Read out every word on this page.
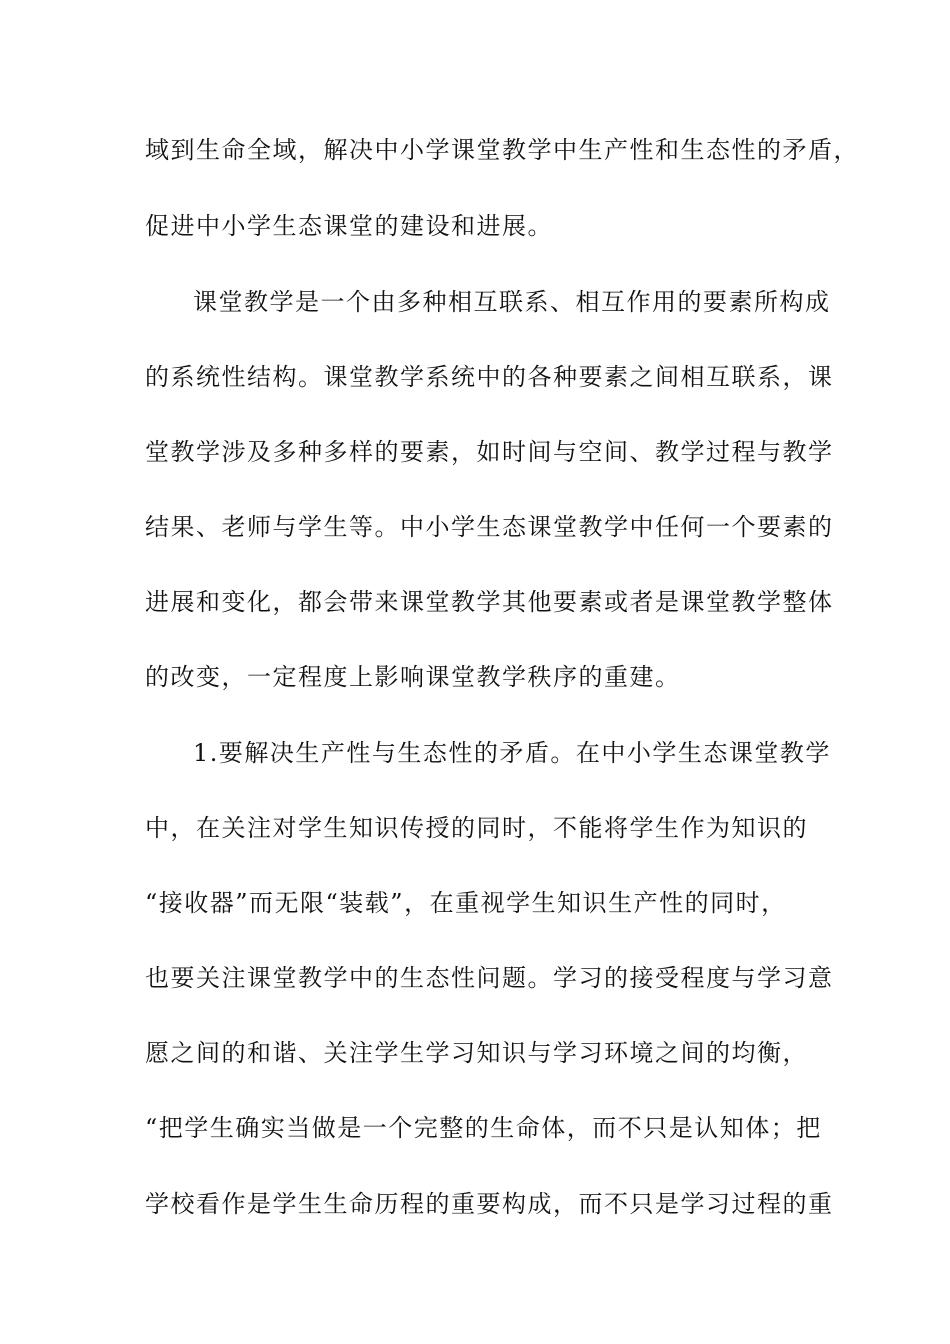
域到生命全域，解决中小学课堂教学中生产性和生态性的矛盾，
促进中小学生态课堂的建设和进展。
课堂教学是一个由多种相互联系、相互作用的要素所构成
的系统性结构。课堂教学系统中的各种要素之间相互联系，课
堂教学涉及多种多样的要素，如时间与空间、教学过程与教学
结果、老师与学生等。中小学生态课堂教学中任何一个要素的
进展和变化，都会带来课堂教学其他要素或者是课堂教学整体
的改变，一定程度上影响课堂教学秩序的重建。
1.要解决生产性与生态性的矛盾。在中小学生态课堂教学
中，在关注对学生知识传授的同时，不能将学生作为知识的
“接收器”而无限“装载”，在重视学生知识生产性的同时，
也要关注课堂教学中的生态性问题。学习的接受程度与学习意
愿之间的和谐、关注学生学习知识与学习环境之间的均衡，
“把学生确实当做是一个完整的生命体，而不只是认知体；把
学校看作是学生生命历程的重要构成，而不只是学习过程的重
